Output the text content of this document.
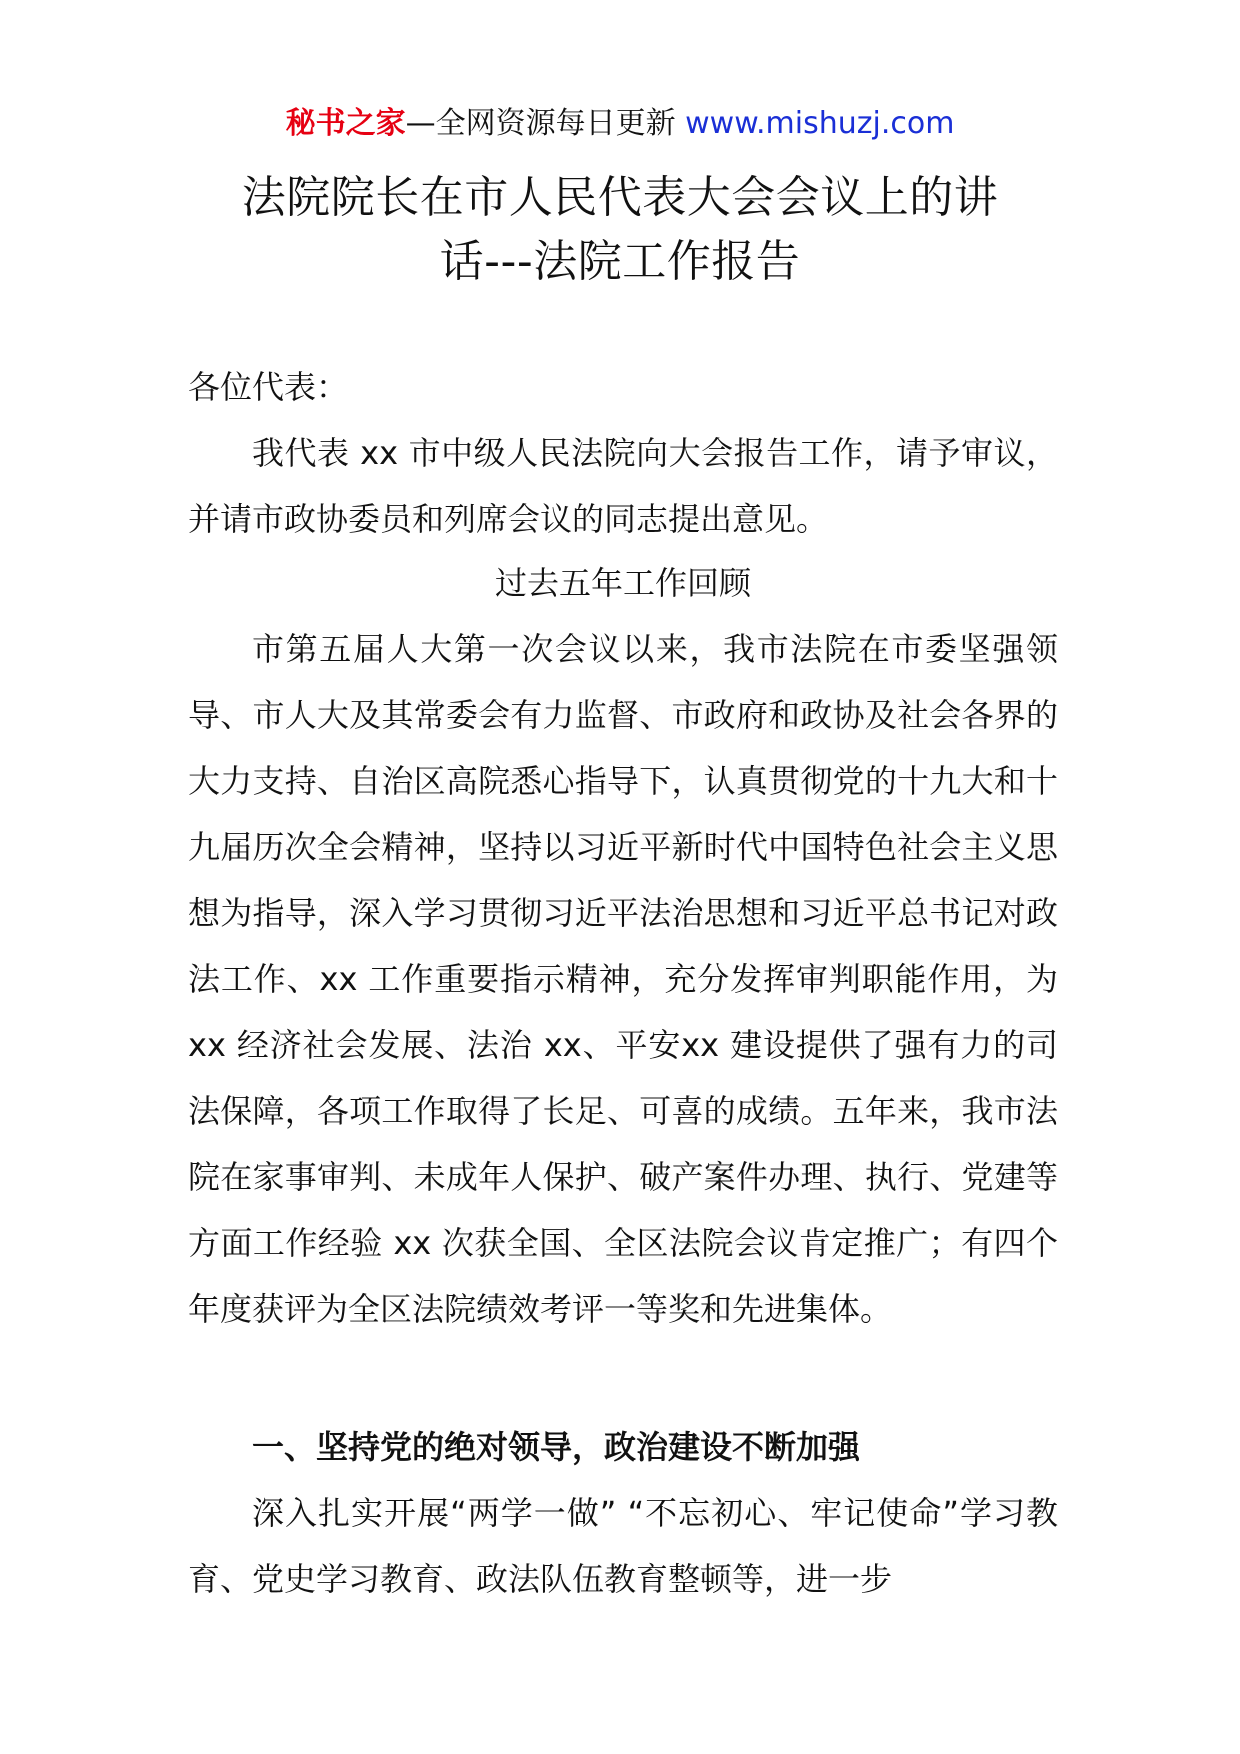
秘书之家—全网资源每日更新 www.mishuzj.com
法院院长在市人民代表大会会议上的讲
话---法院工作报告
各位代表：

我代表 xx 市中级人民法院向大会报告工作，请予审议，并请市政协委员和列席会议的同志提出意见。

过去五年工作回顾

市第五届人大第一次会议以来，我市法院在市委坚强领导、市人大及其常委会有力监督、市政府和政协及社会各界的大力支持、自治区高院悉心指导下，认真贯彻党的十九大和十九届历次全会精神，坚持以习近平新时代中国特色社会主义思想为指导，深入学习贯彻习近平法治思想和习近平总书记对政法工作、xx 工作重要指示精神，充分发挥审判职能作用，为 xx 经济社会发展、法治 xx、平安xx 建设提供了强有力的司法保障，各项工作取得了长足、可喜的成绩。五年来，我市法院在家事审判、未成年人保护、破产案件办理、执行、党建等方面工作经验 xx 次获全国、全区法院会议肯定推广；有四个年度获评为全区法院绩效考评一等奖和先进集体。

一、坚持党的绝对领导，政治建设不断加强

深入扎实开展“两学一做” “不忘初心、牢记使命”学习教育、党史学习教育、政法队伍教育整顿等，进一步
